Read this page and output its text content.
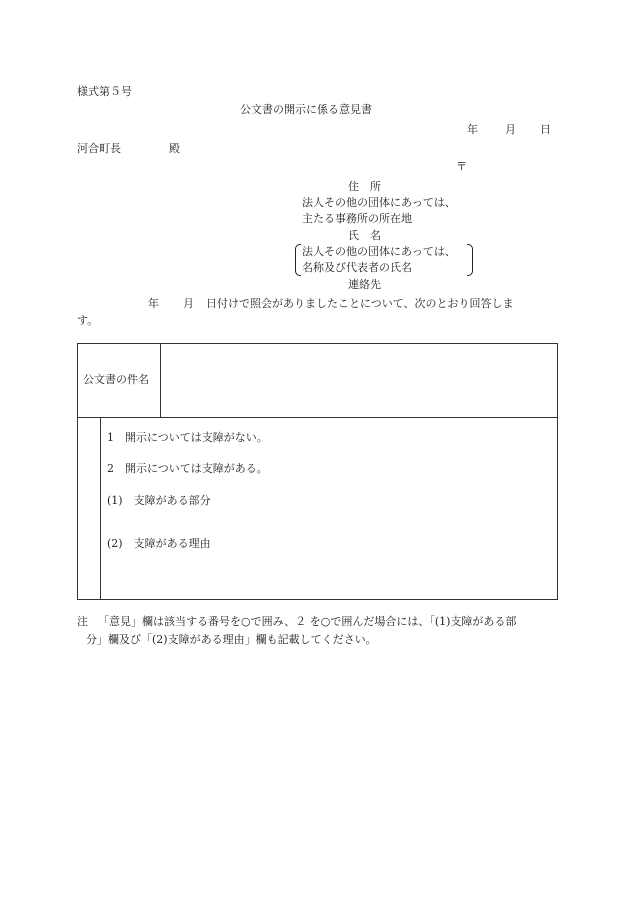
様式第５号
公文書の開示に係る意見書
年 月 日
河合町長	殿
〒
住　所
法人その他の団体にあっては、
主たる事務所の所在地
氏　名
法人その他の団体にあっては、
名称及び代表者の氏名
連絡先
年 月 日付けで照会がありましたことについて、次のとおり回答しま
す。
公文書の件名
1　開示については支障がない。
2　開示については支障がある。
(1)　支障がある部分
(2)　支障がある理由
注 「意見」欄は該当する番号を○で囲み、２ を○で囲んだ場合には、「(1)支障がある部
分」欄及び「(2)支障がある理由」欄も記載してください。
